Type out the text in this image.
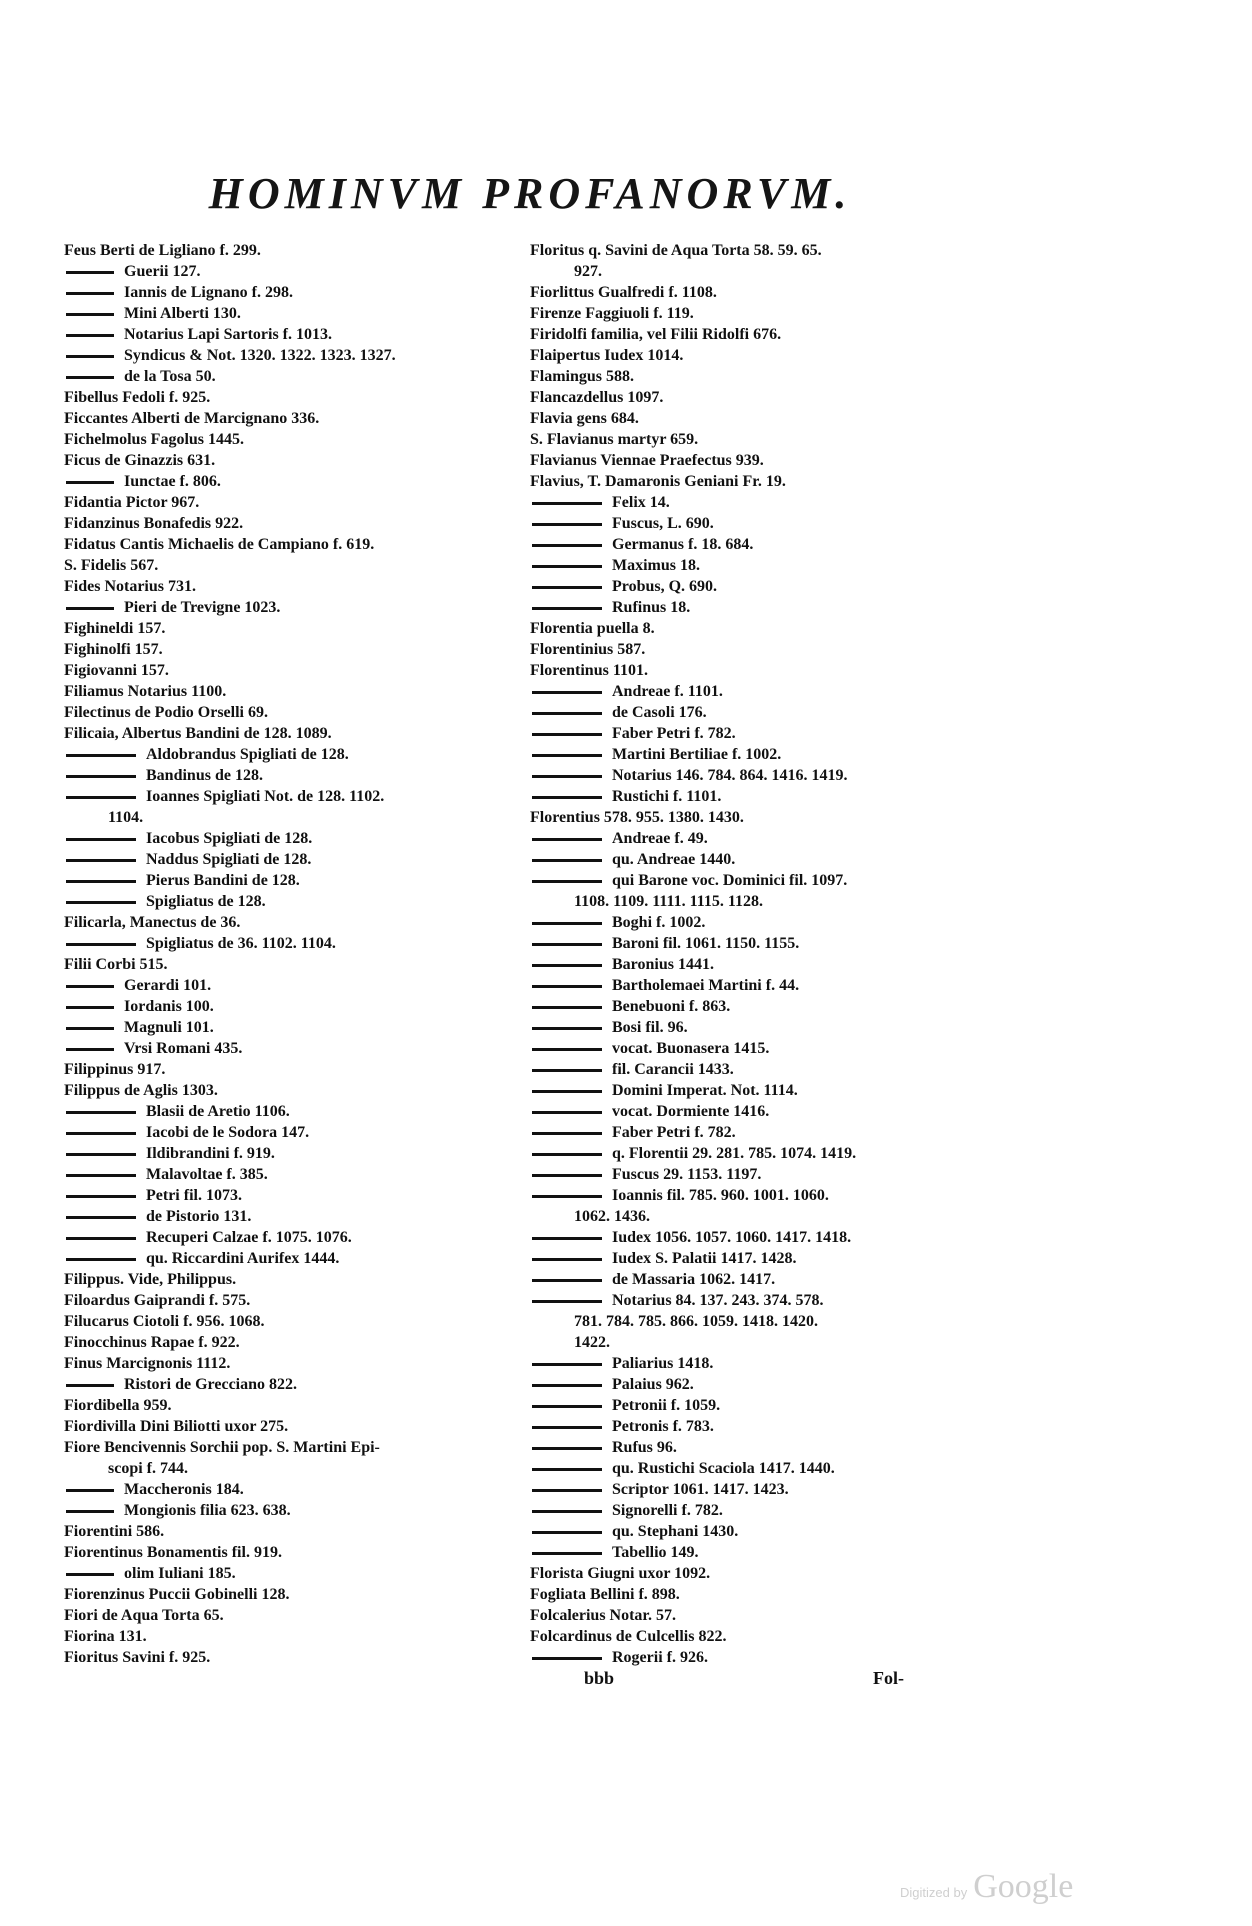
HOMINVM PROFANORVM.
Feus Berti de Ligliano f. 299.
Guerii 127.
Iannis de Lignano f. 298.
Mini Alberti 130.
Notarius Lapi Sartoris f. 1013.
Syndicus & Not. 1320. 1322. 1323. 1327.
de la Tosa 50.
Fibellus Fedoli f. 925.
Ficcantes Alberti de Marcignano 336.
Fichelmolus Fagolus 1445.
Ficus de Ginazzis 631.
Iunctae f. 806.
Fidantia Pictor 967.
Fidanzinus Bonafedis 922.
Fidatus Cantis Michaelis de Campiano f. 619.
S. Fidelis 567.
Fides Notarius 731.
Pieri de Trevigne 1023.
Fighineldi 157.
Fighinolfi 157.
Figiovanni 157.
Filiamus Notarius 1100.
Filectinus de Podio Orselli 69.
Filicaia, Albertus Bandini de 128. 1089.
Aldobrandus Spigliati de 128.
Bandinus de 128.
Ioannes Spigliati Not. de 128. 1102.
1104.
Iacobus Spigliati de 128.
Naddus Spigliati de 128.
Pierus Bandini de 128.
Spigliatus de 128.
Filicarla, Manectus de 36.
Spigliatus de 36. 1102. 1104.
Filii Corbi 515.
Gerardi 101.
Iordanis 100.
Magnuli 101.
Vrsi Romani 435.
Filippinus 917.
Filippus de Aglis 1303.
Blasii de Aretio 1106.
Iacobi de le Sodora 147.
Ildibrandini f. 919.
Malavoltae f. 385.
Petri fil. 1073.
de Pistorio 131.
Recuperi Calzae f. 1075. 1076.
qu. Riccardini Aurifex 1444.
Filippus. Vide, Philippus.
Filoardus Gaiprandi f. 575.
Filucarus Ciotoli f. 956. 1068.
Finocchinus Rapae f. 922.
Finus Marcignonis 1112.
Ristori de Grecciano 822.
Fiordibella 959.
Fiordivilla Dini Biliotti uxor 275.
Fiore Bencivennis Sorchii pop. S. Martini Epi-
scopi f. 744.
Maccheronis 184.
Mongionis filia 623. 638.
Fiorentini 586.
Fiorentinus Bonamentis fil. 919.
olim Iuliani 185.
Fiorenzinus Puccii Gobinelli 128.
Fiori de Aqua Torta 65.
Fiorina 131.
Fioritus Savini f. 925.
Floritus q. Savini de Aqua Torta 58. 59. 65.
927.
Fiorlittus Gualfredi f. 1108.
Firenze Faggiuoli f. 119.
Firidolfi familia, vel Filii Ridolfi 676.
Flaipertus Iudex 1014.
Flamingus 588.
Flancazdellus 1097.
Flavia gens 684.
S. Flavianus martyr 659.
Flavianus Viennae Praefectus 939.
Flavius, T. Damaronis Geniani Fr. 19.
Felix 14.
Fuscus, L. 690.
Germanus f. 18. 684.
Maximus 18.
Probus, Q. 690.
Rufinus 18.
Florentia puella 8.
Florentinius 587.
Florentinus 1101.
Andreae f. 1101.
de Casoli 176.
Faber Petri f. 782.
Martini Bertiliae f. 1002.
Notarius 146. 784. 864. 1416. 1419.
Rustichi f. 1101.
Florentius 578. 955. 1380. 1430.
Andreae f. 49.
qu. Andreae 1440.
qui Barone voc. Dominici fil. 1097.
1108. 1109. 1111. 1115. 1128.
Boghi f. 1002.
Baroni fil. 1061. 1150. 1155.
Baronius 1441.
Bartholemaei Martini f. 44.
Benebuoni f. 863.
Bosi fil. 96.
vocat. Buonasera 1415.
fil. Carancii 1433.
Domini Imperat. Not. 1114.
vocat. Dormiente 1416.
Faber Petri f. 782.
q. Florentii 29. 281. 785. 1074. 1419.
Fuscus 29. 1153. 1197.
Ioannis fil. 785. 960. 1001. 1060.
1062. 1436.
Iudex 1056. 1057. 1060. 1417. 1418.
Iudex S. Palatii 1417. 1428.
de Massaria 1062. 1417.
Notarius 84. 137. 243. 374. 578.
781. 784. 785. 866. 1059. 1418. 1420.
1422.
Paliarius 1418.
Palaius 962.
Petronii f. 1059.
Petronis f. 783.
Rufus 96.
qu. Rustichi Scaciola 1417. 1440.
Scriptor 1061. 1417. 1423.
Signorelli f. 782.
qu. Stephani 1430.
Tabellio 149.
Florista Giugni uxor 1092.
Fogliata Bellini f. 898.
Folcalerius Notar. 57.
Folcardinus de Culcellis 822.
Rogerii f. 926.
bbb	Fol-
Digitized by Google
